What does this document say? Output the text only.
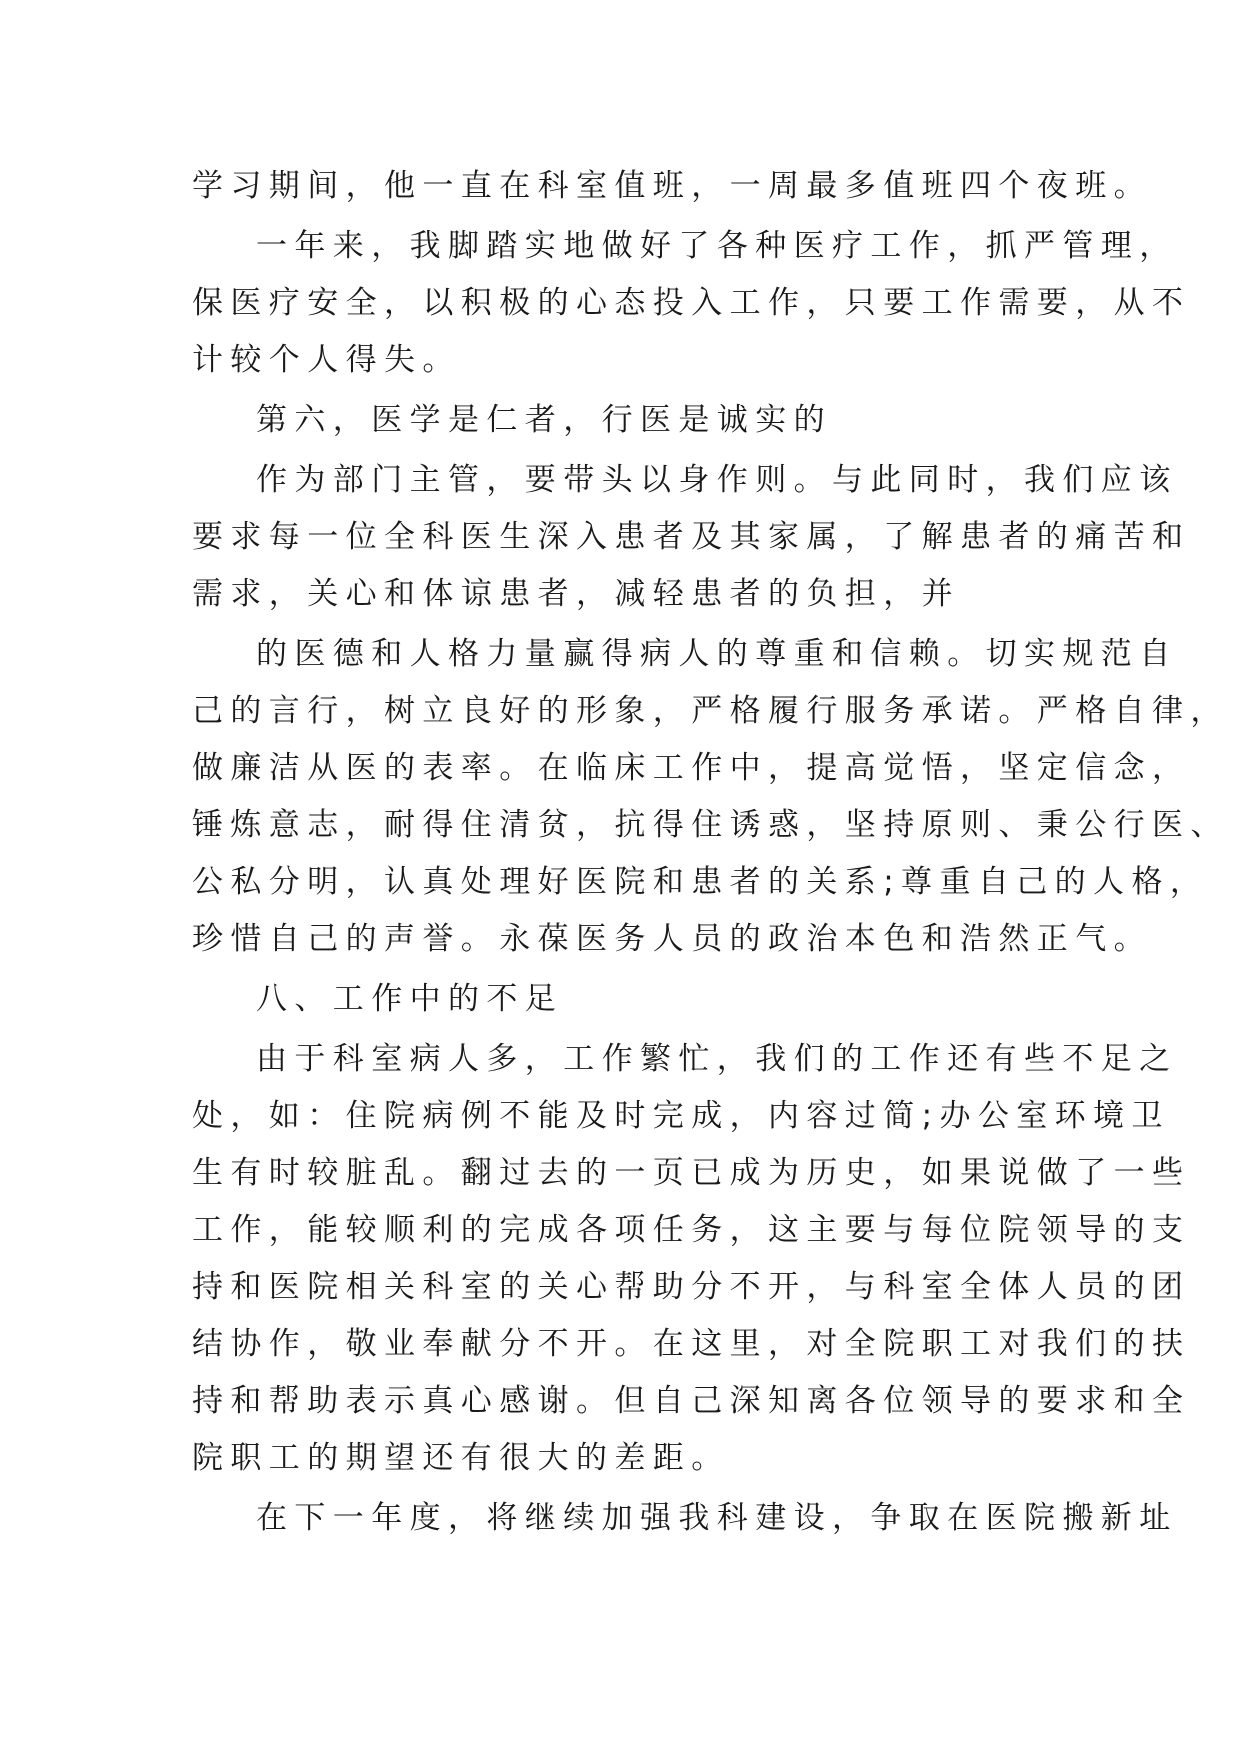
学习期间，他一直在科室值班，一周最多值班四个夜班。

一年来，我脚踏实地做好了各种医疗工作，抓严管理，

保医疗安全，以积极的心态投入工作，只要工作需要，从不

计较个人得失。

第六，医学是仁者，行医是诚实的

作为部门主管，要带头以身作则。与此同时，我们应该

要求每一位全科医生深入患者及其家属，了解患者的痛苦和

需求，关心和体谅患者，减轻患者的负担，并

的医德和人格力量赢得病人的尊重和信赖。切实规范自

己的言行，树立良好的形象，严格履行服务承诺。严格自律，

做廉洁从医的表率。在临床工作中，提高觉悟，坚定信念，

锤炼意志，耐得住清贫，抗得住诱惑，坚持原则、秉公行医、

公私分明，认真处理好医院和患者的关系;尊重自己的人格，

珍惜自己的声誉。永葆医务人员的政治本色和浩然正气。

八、工作中的不足

由于科室病人多，工作繁忙，我们的工作还有些不足之

处，如：住院病例不能及时完成，内容过简;办公室环境卫

生有时较脏乱。翻过去的一页已成为历史，如果说做了一些

工作，能较顺利的完成各项任务，这主要与每位院领导的支

持和医院相关科室的关心帮助分不开，与科室全体人员的团

结协作，敬业奉献分不开。在这里，对全院职工对我们的扶

持和帮助表示真心感谢。但自己深知离各位领导的要求和全

院职工的期望还有很大的差距。

在下一年度，将继续加强我科建设，争取在医院搬新址
